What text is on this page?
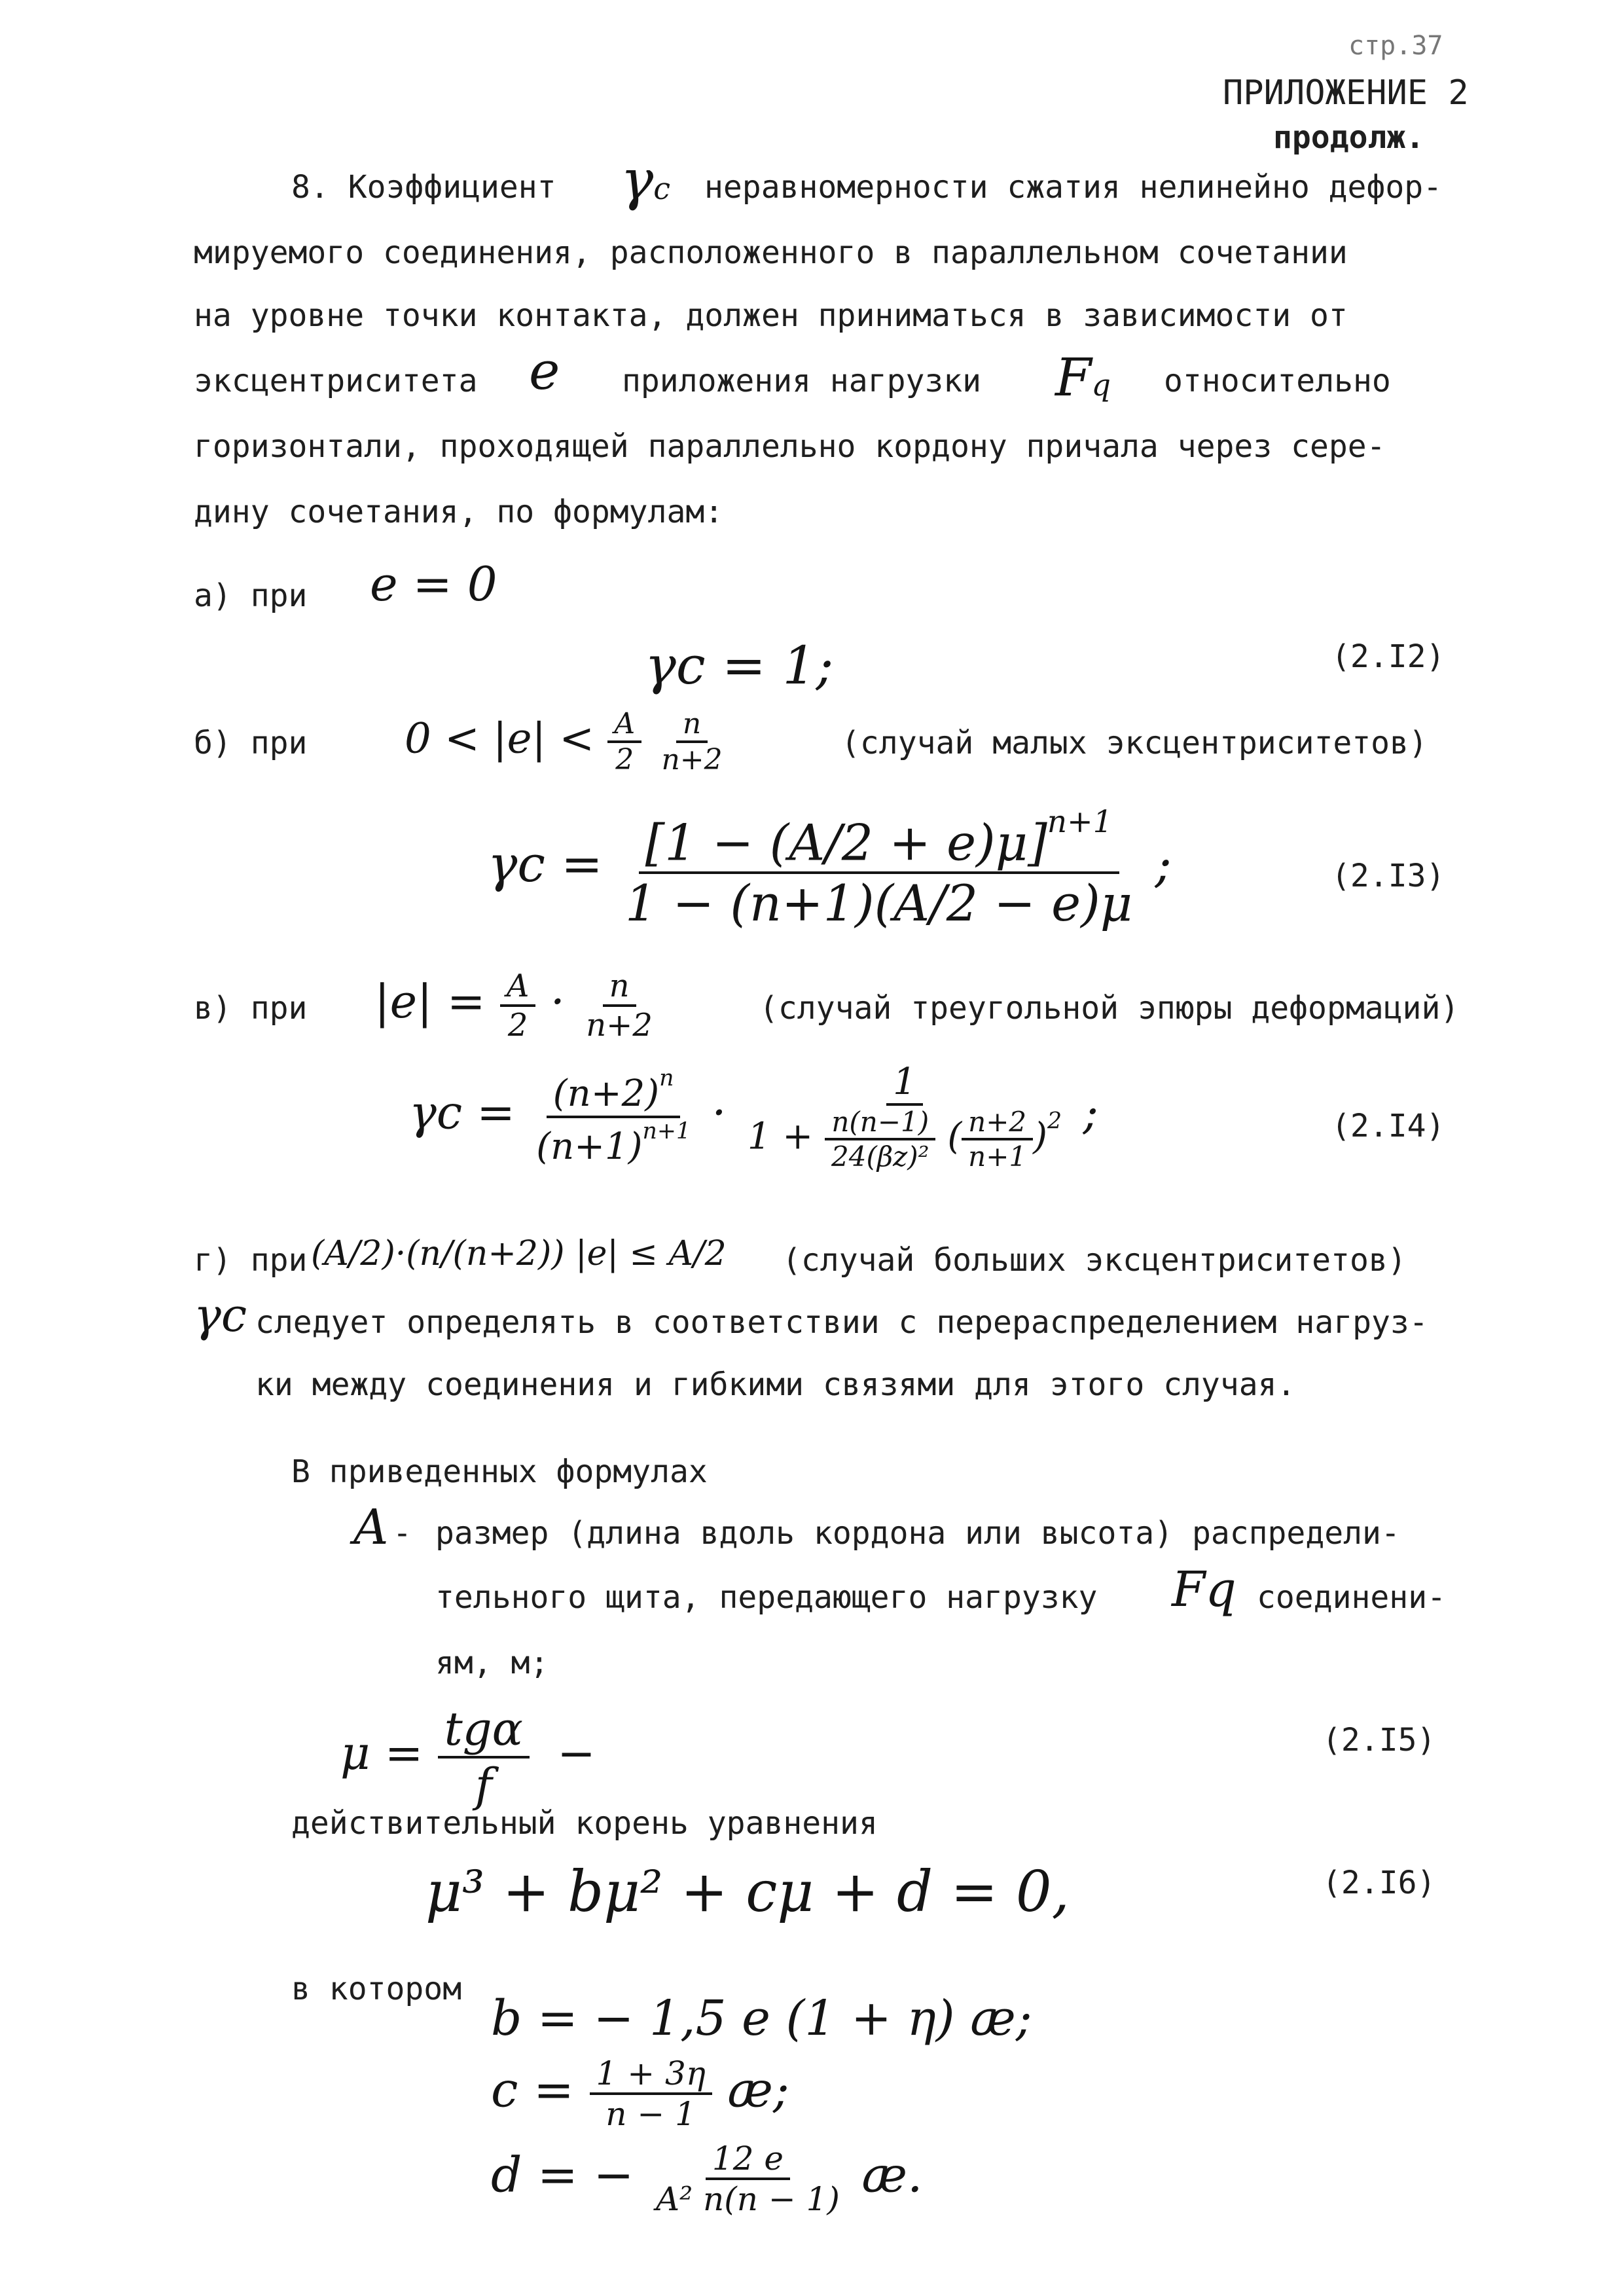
стр.37
ПРИЛОЖЕНИЕ 2
продолж.
8. Коэффициент γc неравномерности сжатия нелинейно дефор-
мируемого соединения, расположенного в параллельном сочетании
на уровне точки контакта, должен приниматься в зависимости от
эксцентриситета e приложения нагрузки Fq относительно
горизонтали, проходящей параллельно кордону причала через сере-
дину сочетания, по формулам:
а) при e = 0
γc = 1;	(2.I2)
б) при $0 < |e| < \frac{A}{2}$
$\frac{n}{n+2}$	(случай малых эксцентриситетов)
$\gamma c = \frac{[1 - (A/2 + e)\mu]^{n+1}}{1 - (n+1)(A/2 - e)\mu}$ ;	(2.I3)
в) при $|e| = \frac{A}{2} \cdot \frac{n}{n+2}$	(случай треугольной эпюры деформаций)
$\gamma c = \frac{(n+2)^n}{(n+1)^{n+1}} \cdot \frac{1}{1 + \frac{n(n-1)}{\text{24(βz)²}} ( \frac{n+2}{n+1} )^2}$ ;	(2.I4)
г) при (A/2)·(n/(n+2)) |e| ≤ A/2 (случай больших эксцентриситетов)
γc следует определять в соответствии с перераспределением нагруз-
ки между соединения и гибкими связями для этого случая.
В приведенных формулах
A - размер (длина вдоль кордона или высота) распредели-
тельного щита, передающего нагрузку Fq соединени-
ям, м;
$\mu = \frac{\text{tgα}}{f}$ −	(2.I5)
действительный корень уравнения
μ³ + bμ² + cμ + d = 0,	(2.I6)
в котором
b = − 1,5 e (1 + η) æ;
$c = \frac{1 + 3\eta}{n - 1}$ æ;
d = − $\frac{12 e}{\text{A² n(n − 1)}}$ æ.
